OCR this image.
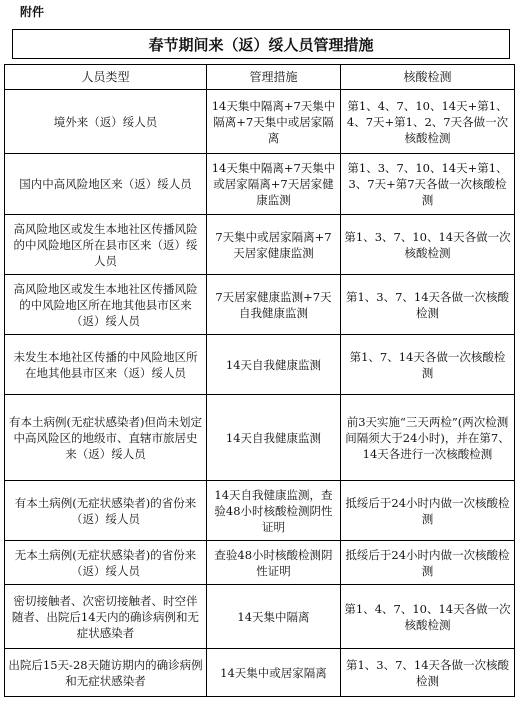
附件
春节期间来（返）绥人员管理措施
人员类型	管理措施	核酸检测
境外来（返）绥人员	14天集中隔离+7天集中隔离+7天集中或居家隔离	第1、4、7、10、14天+第1、4、7天+第1、2、7天各做一次核酸检测
国内中高风险地区来（返）绥人员	14天集中隔离+7天集中或居家隔离+7天居家健康监测	第1、3、7、10、14天+第1、3、7天+第7天各做一次核酸检测
高风险地区或发生本地社区传播风险的中风险地区所在县市区来（返）绥人员	7天集中或居家隔离+7天居家健康监测	第1、3、7、10、14天各做一次核酸检测
高风险地区或发生本地社区传播风险的中风险地区所在地其他县市区来（返）绥人员	7天居家健康监测+7天自我健康监测	第1、3、7、14天各做一次核酸检测
未发生本地社区传播的中风险地区所在地其他县市区来（返）绥人员	14天自我健康监测	第1、7、14天各做一次核酸检测
有本土病例(无症状感染者)但尚未划定中高风险区的地级市、直辖市旅居史来（返）绥人员	14天自我健康监测	前3天实施“三天两检”(两次检测间隔须大于24小时)，并在第7、14天各进行一次核酸检测
有本土病例(无症状感染者)的省份来（返）绥人员	14天自我健康监测，查验48小时核酸检测阴性证明	抵绥后于24小时内做一次核酸检测
无本土病例(无症状感染者)的省份来（返）绥人员	查验48小时核酸检测阴性证明	抵绥后于24小时内做一次核酸检测
密切接触者、次密切接触者、时空伴随者、出院后14天内的确诊病例和无症状感染者	14天集中隔离	第1、4、7、10、14天各做一次核酸检测
出院后15天-28天随访期内的确诊病例和无症状感染者	14天集中或居家隔离	第1、3、7、14天各做一次核酸检测
